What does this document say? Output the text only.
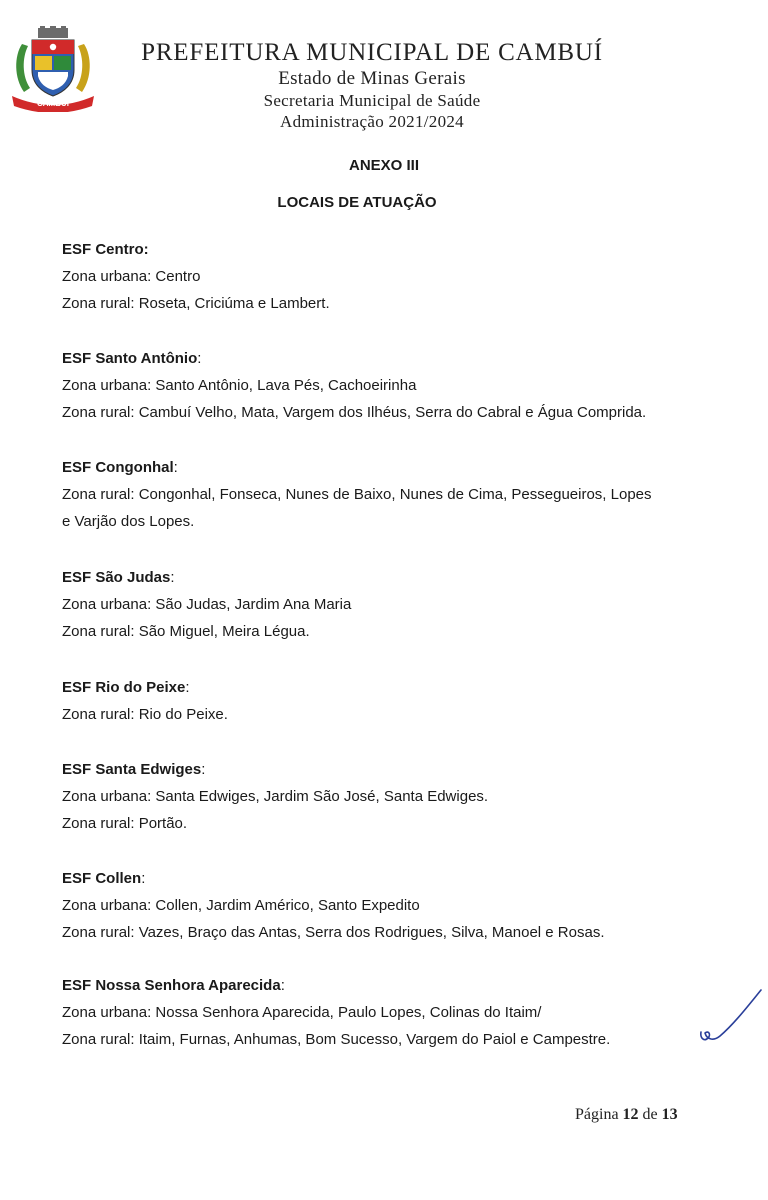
CAMBUÍ
PREFEITURA MUNICIPAL DE CAMBUÍ
Estado de Minas Gerais
Secretaria Municipal de Saúde
Administração 2021/2024
ANEXO III
LOCAIS DE ATUAÇÃO

ESF Centro:

Zona urbana: Centro

Zona rural: Roseta, Criciúma e Lambert.

ESF Santo Antônio:

Zona urbana: Santo Antônio, Lava Pés, Cachoeirinha

Zona rural: Cambuí Velho, Mata, Vargem dos Ilhéus, Serra do Cabral e Água Comprida.

ESF Congonhal:

Zona rural: Congonhal, Fonseca, Nunes de Baixo, Nunes de Cima, Pessegueiros, Lopes

e Varjão dos Lopes.

ESF São Judas:

Zona urbana: São Judas, Jardim Ana Maria

Zona rural: São Miguel, Meira Légua.

ESF Rio do Peixe:

Zona rural: Rio do Peixe.

ESF Santa Edwiges:

Zona urbana: Santa Edwiges, Jardim São José, Santa Edwiges.

Zona rural: Portão.

ESF Collen:

Zona urbana: Collen, Jardim Américo, Santo Expedito

Zona rural: Vazes, Braço das Antas, Serra dos Rodrigues, Silva, Manoel e Rosas.

ESF Nossa Senhora Aparecida:

Zona urbana: Nossa Senhora Aparecida, Paulo Lopes, Colinas do Itaim/

Zona rural: Itaim, Furnas, Anhumas, Bom Sucesso, Vargem do Paiol e Campestre.

Página 12 de 13
